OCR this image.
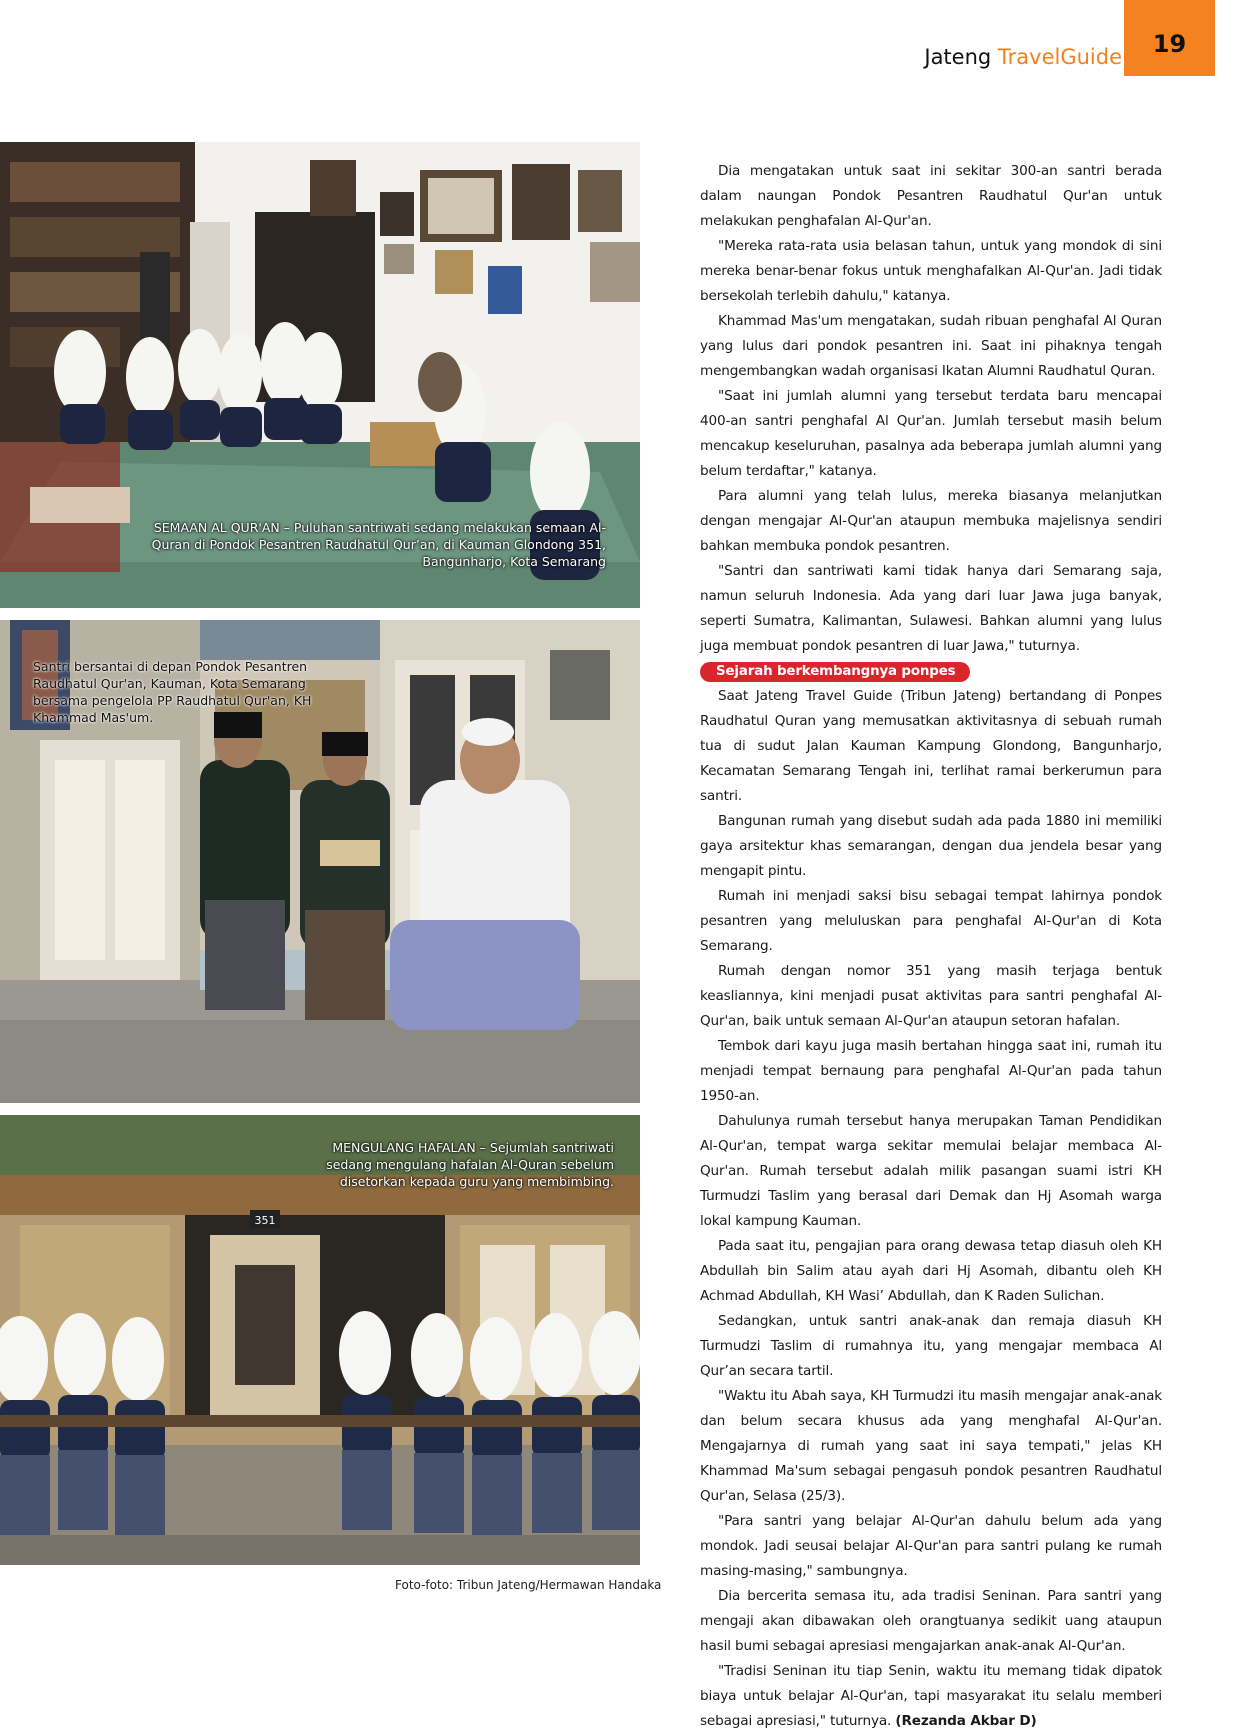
Jateng TravelGuide 19
SEMAAN AL QUR'AN – Puluhan santriwati sedang melakukan semaan Al-Quran di Pondok Pesantren Raudhatul Qur’an, di Kauman Glondong 351, Bangunharjo, Kota Semarang
Santri bersantai di depan Pondok Pesantren Raudhatul Qur'an, Kauman, Kota Semarang bersama pengelola PP Raudhatul Qur'an, KH Khammad Mas'um.
351
MENGULANG HAFALAN – Sejumlah santriwati sedang mengulang hafalan Al-Quran sebelum disetorkan kepada guru yang membimbing.
Foto-foto: Tribun Jateng/Hermawan Handaka

Dia mengatakan untuk saat ini sekitar 300-an santri berada dalam naungan Pondok Pesantren Raudhatul Qur'an untuk melakukan penghafalan Al-Qur'an.

"Mereka rata-rata usia belasan tahun, untuk yang mondok di sini mereka benar-benar fokus untuk menghafalkan Al-Qur'an. Jadi tidak bersekolah terlebih dahulu," katanya.

Khammad Mas'um mengatakan, sudah ribuan penghafal Al Quran yang lulus dari pondok pesantren ini. Saat ini pihaknya tengah mengembangkan wadah organisasi Ikatan Alumni Raudhatul Quran.

"Saat ini jumlah alumni yang tersebut terdata baru mencapai 400-an santri penghafal Al Qur'an. Jumlah tersebut masih belum mencakup keseluruhan, pasalnya ada beberapa jumlah alumni yang belum terdaftar," katanya.

Para alumni yang telah lulus, mereka biasanya melanjutkan dengan mengajar Al-Qur'an ataupun membuka majelisnya sendiri bahkan membuka pondok pesantren.

"Santri dan santriwati kami tidak hanya dari Semarang saja, namun seluruh Indonesia. Ada yang dari luar Jawa juga banyak, seperti Sumatra, Kalimantan, Sulawesi. Bahkan alumni yang lulus juga membuat pondok pesantren di luar Jawa," tuturnya.

Sejarah berkembangnya ponpes

Saat Jateng Travel Guide (Tribun Jateng) bertandang di Ponpes Raudhatul Quran yang memusatkan aktivitasnya di sebuah rumah tua di sudut Jalan Kauman Kampung Glondong, Bangunharjo, Kecamatan Semarang Tengah ini, terlihat ramai berkerumun para santri.

Bangunan rumah yang disebut sudah ada pada 1880 ini memiliki gaya arsitektur khas semarangan, dengan dua jendela besar yang mengapit pintu.

Rumah ini menjadi saksi bisu sebagai tempat lahirnya pondok pesantren yang meluluskan para penghafal Al-Qur'an di Kota Semarang.

Rumah dengan nomor 351 yang masih terjaga bentuk keasliannya, kini menjadi pusat aktivitas para santri penghafal Al-Qur'an, baik untuk semaan Al-Qur'an ataupun setoran hafalan.

Tembok dari kayu juga masih bertahan hingga saat ini, rumah itu menjadi tempat bernaung para penghafal Al-Qur'an pada tahun 1950-an.

Dahulunya rumah tersebut hanya merupakan Taman Pendidikan Al-Qur'an, tempat warga sekitar memulai belajar membaca Al-Qur'an. Rumah tersebut adalah milik pasangan suami istri KH Turmudzi Taslim yang berasal dari Demak dan Hj Asomah warga lokal kampung Kauman.

Pada saat itu, pengajian para orang dewasa tetap diasuh oleh KH Abdullah bin Salim atau ayah dari Hj Asomah, dibantu oleh KH Achmad Abdullah, KH Wasi’ Abdullah, dan K Raden Sulichan.

Sedangkan, untuk santri anak-anak dan remaja diasuh KH Turmudzi Taslim di rumahnya itu, yang mengajar membaca Al Qur’an secara tartil.

"Waktu itu Abah saya, KH Turmudzi itu masih mengajar anak-anak dan belum secara khusus ada yang menghafal Al-Qur'an. Mengajarnya di rumah yang saat ini saya tempati," jelas KH Khammad Ma'sum sebagai pengasuh pondok pesantren Raudhatul Qur'an, Selasa (25/3).

"Para santri yang belajar Al-Qur'an dahulu belum ada yang mondok. Jadi seusai belajar Al-Qur'an para santri pulang ke rumah masing-masing," sambungnya.

Dia bercerita semasa itu, ada tradisi Seninan. Para santri yang mengaji akan dibawakan oleh orangtuanya sedikit uang ataupun hasil bumi sebagai apresiasi mengajarkan anak-anak Al-Qur'an.

"Tradisi Seninan itu tiap Senin, waktu itu memang tidak dipatok biaya untuk belajar Al-Qur'an, tapi masyarakat itu selalu memberi sebagai apresiasi," tuturnya. (Rezanda Akbar D)
